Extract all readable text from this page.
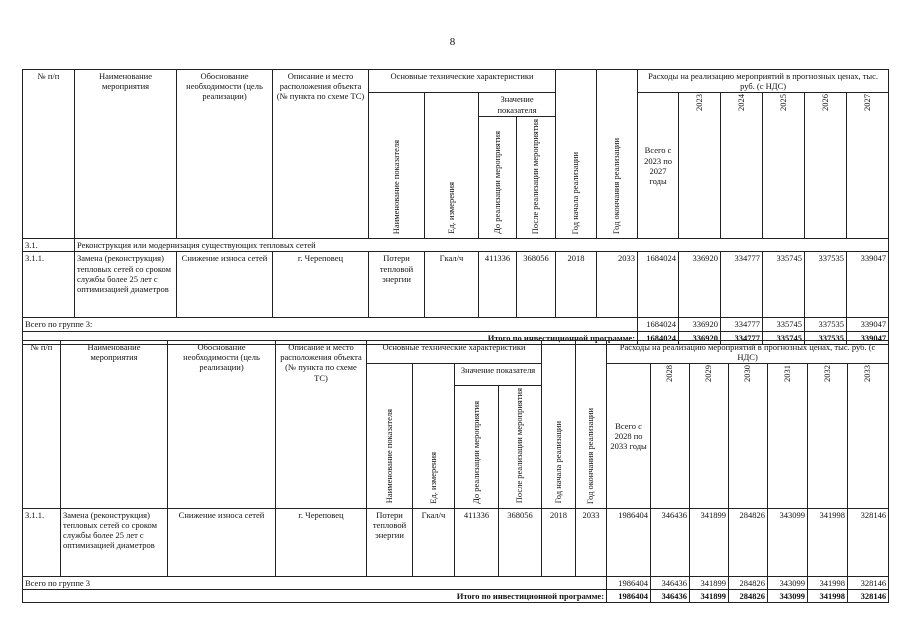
8
№ п/п	Наименование мероприятия	Обоснование необходимости (цель реализации)	Описание и место расположения объекта (№ пункта по схеме ТС)	Основные технические характеристики				Год начала реализации	Год окончания реализации	Расходы на реализацию мероприятий в прогнозных ценах, тыс. руб. (с НДС)					
				Наименование показателя	Ед. измерения	Значение показателя				Всего с 2023 по 2027 годы	2023	2024	2025	2026	2027
						До реализации мероприятия	После реализации мероприятия								
3.1.	Реконструкция или модернизация существующих тепловых сетей														
3.1.1.	Замена (реконструкция) тепловых сетей со сроком службы более 25 лет с оптимизацией диаметров	Снижение износа сетей	г. Череповец	Потери тепловой энергии	Гкал/ч	411336	368056	2018	2033	1684024	336920	334777	335745	337535	339047
Всего по группе 3:										1684024	336920	334777	335745	337535	339047
Итого по инвестиционной программе:										1684024	336920	334777	335745	337535	339047
№ п/п	Наименование мероприятия	Обоснование необходимости (цель реализации)	Описание и место расположения объекта (№ пункта по схеме ТС)	Основные технические характеристики				Год начала реализации	Год окончания реализации	Расходы на реализацию мероприятий в прогнозных ценах, тыс. руб. (с НДС)						
				Наименование показателя	Ед. измерения	Значение показателя				Всего с 2028 по 2033 годы	2028	2029	2030	2031	2032	2033
						До реализации мероприятия	После реализации мероприятия									
3.1.1.	Замена (реконструкция) тепловых сетей со сроком службы более 25 лет с оптимизацией диаметров	Снижение износа сетей	г. Череповец	Потери тепловой энергии	Гкал/ч	411336	368056	2018	2033	1986404	346436	341899	284826	343099	341998	328146
Всего по группе 3										1986404	346436	341899	284826	343099	341998	328146
Итого по инвестиционной программе:										1986404	346436	341899	284826	343099	341998	328146
